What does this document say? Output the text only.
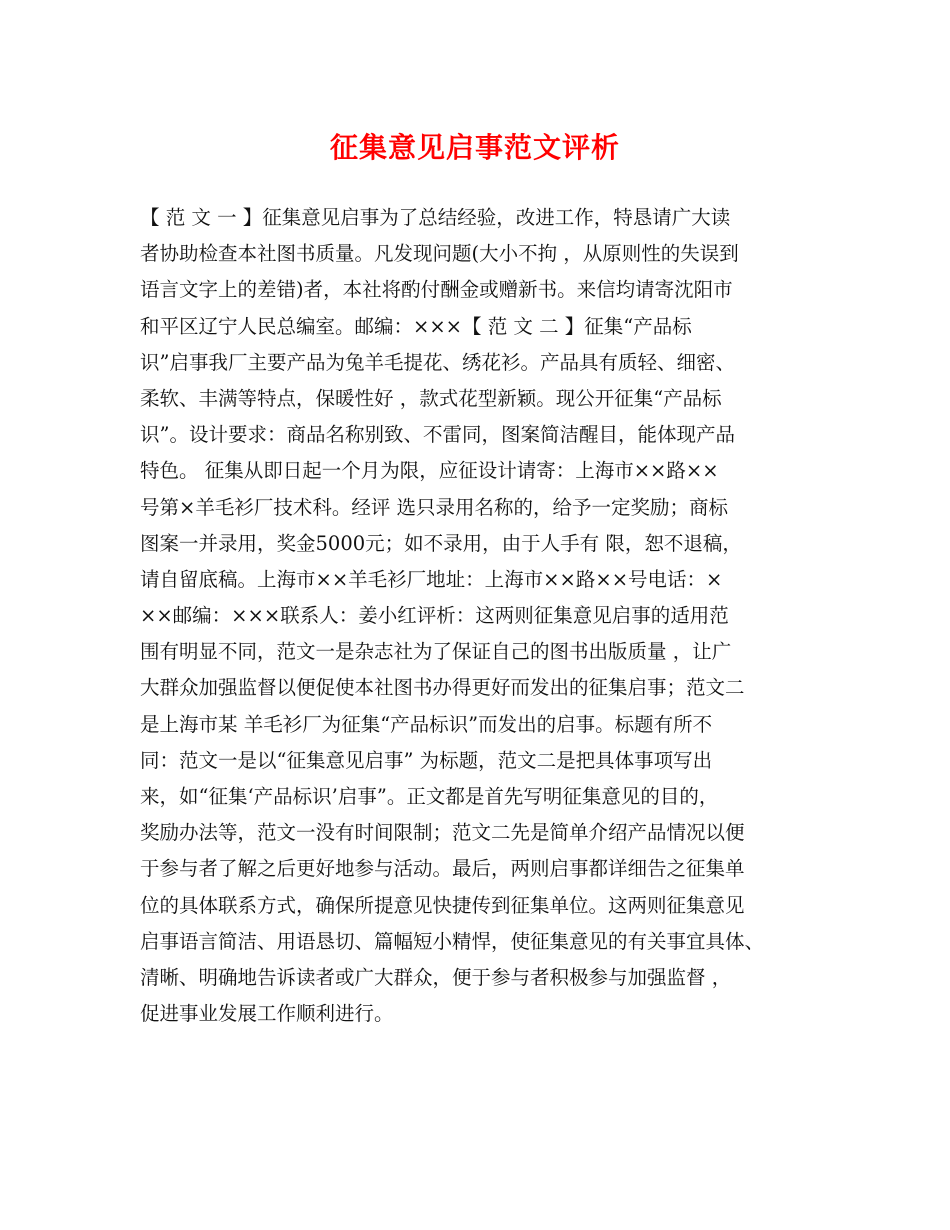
征集意见启事范文评析
【 范 文 一 】征集意见启事为了总结经验，改进工作，特恳请广大读
者协助检查本社图书质量。凡发现问题(大小不拘 ，从原则性的失误到
语言文字上的差错)者，本社将酌付酬金或赠新书。来信均请寄沈阳市
和平区辽宁人民总编室。邮编：×××【 范 文 二 】征集“产品标
识”启事我厂主要产品为兔羊毛提花、绣花衫。产品具有质轻、细密、
柔软、丰满等特点，保暖性好 ，款式花型新颖。现公开征集“产品标
识”。设计要求：商品名称别致、不雷同，图案简洁醒目，能体现产品
特色。 征集从即日起一个月为限，应征设计请寄：上海市××路××
号第×羊毛衫厂技术科。经评 选只录用名称的，给予一定奖励；商标
图案一并录用，奖金5000元；如不录用，由于人手有 限，恕不退稿，
请自留底稿。上海市××羊毛衫厂地址：上海市××路××号电话：×
××邮编：×××联系人：姜小红评析：这两则征集意见启事的适用范
围有明显不同，范文一是杂志社为了保证自己的图书出版质量 ，让广
大群众加强监督以便促使本社图书办得更好而发出的征集启事；范文二
是上海市某 羊毛衫厂为征集“产品标识”而发出的启事。标题有所不
同：范文一是以“征集意见启事” 为标题，范文二是把具体事项写出
来，如“征集‘产品标识’启事”。正文都是首先写明征集意见的目的，
奖励办法等，范文一没有时间限制；范文二先是简单介绍产品情况以便
于参与者了解之后更好地参与活动。最后，两则启事都详细告之征集单
位的具体联系方式，确保所提意见快捷传到征集单位。这两则征集意见
启事语言简洁、用语恳切、篇幅短小精悍，使征集意见的有关事宜具体、
清晰、明确地告诉读者或广大群众，便于参与者积极参与加强监督 ，
促进事业发展工作顺利进行。
